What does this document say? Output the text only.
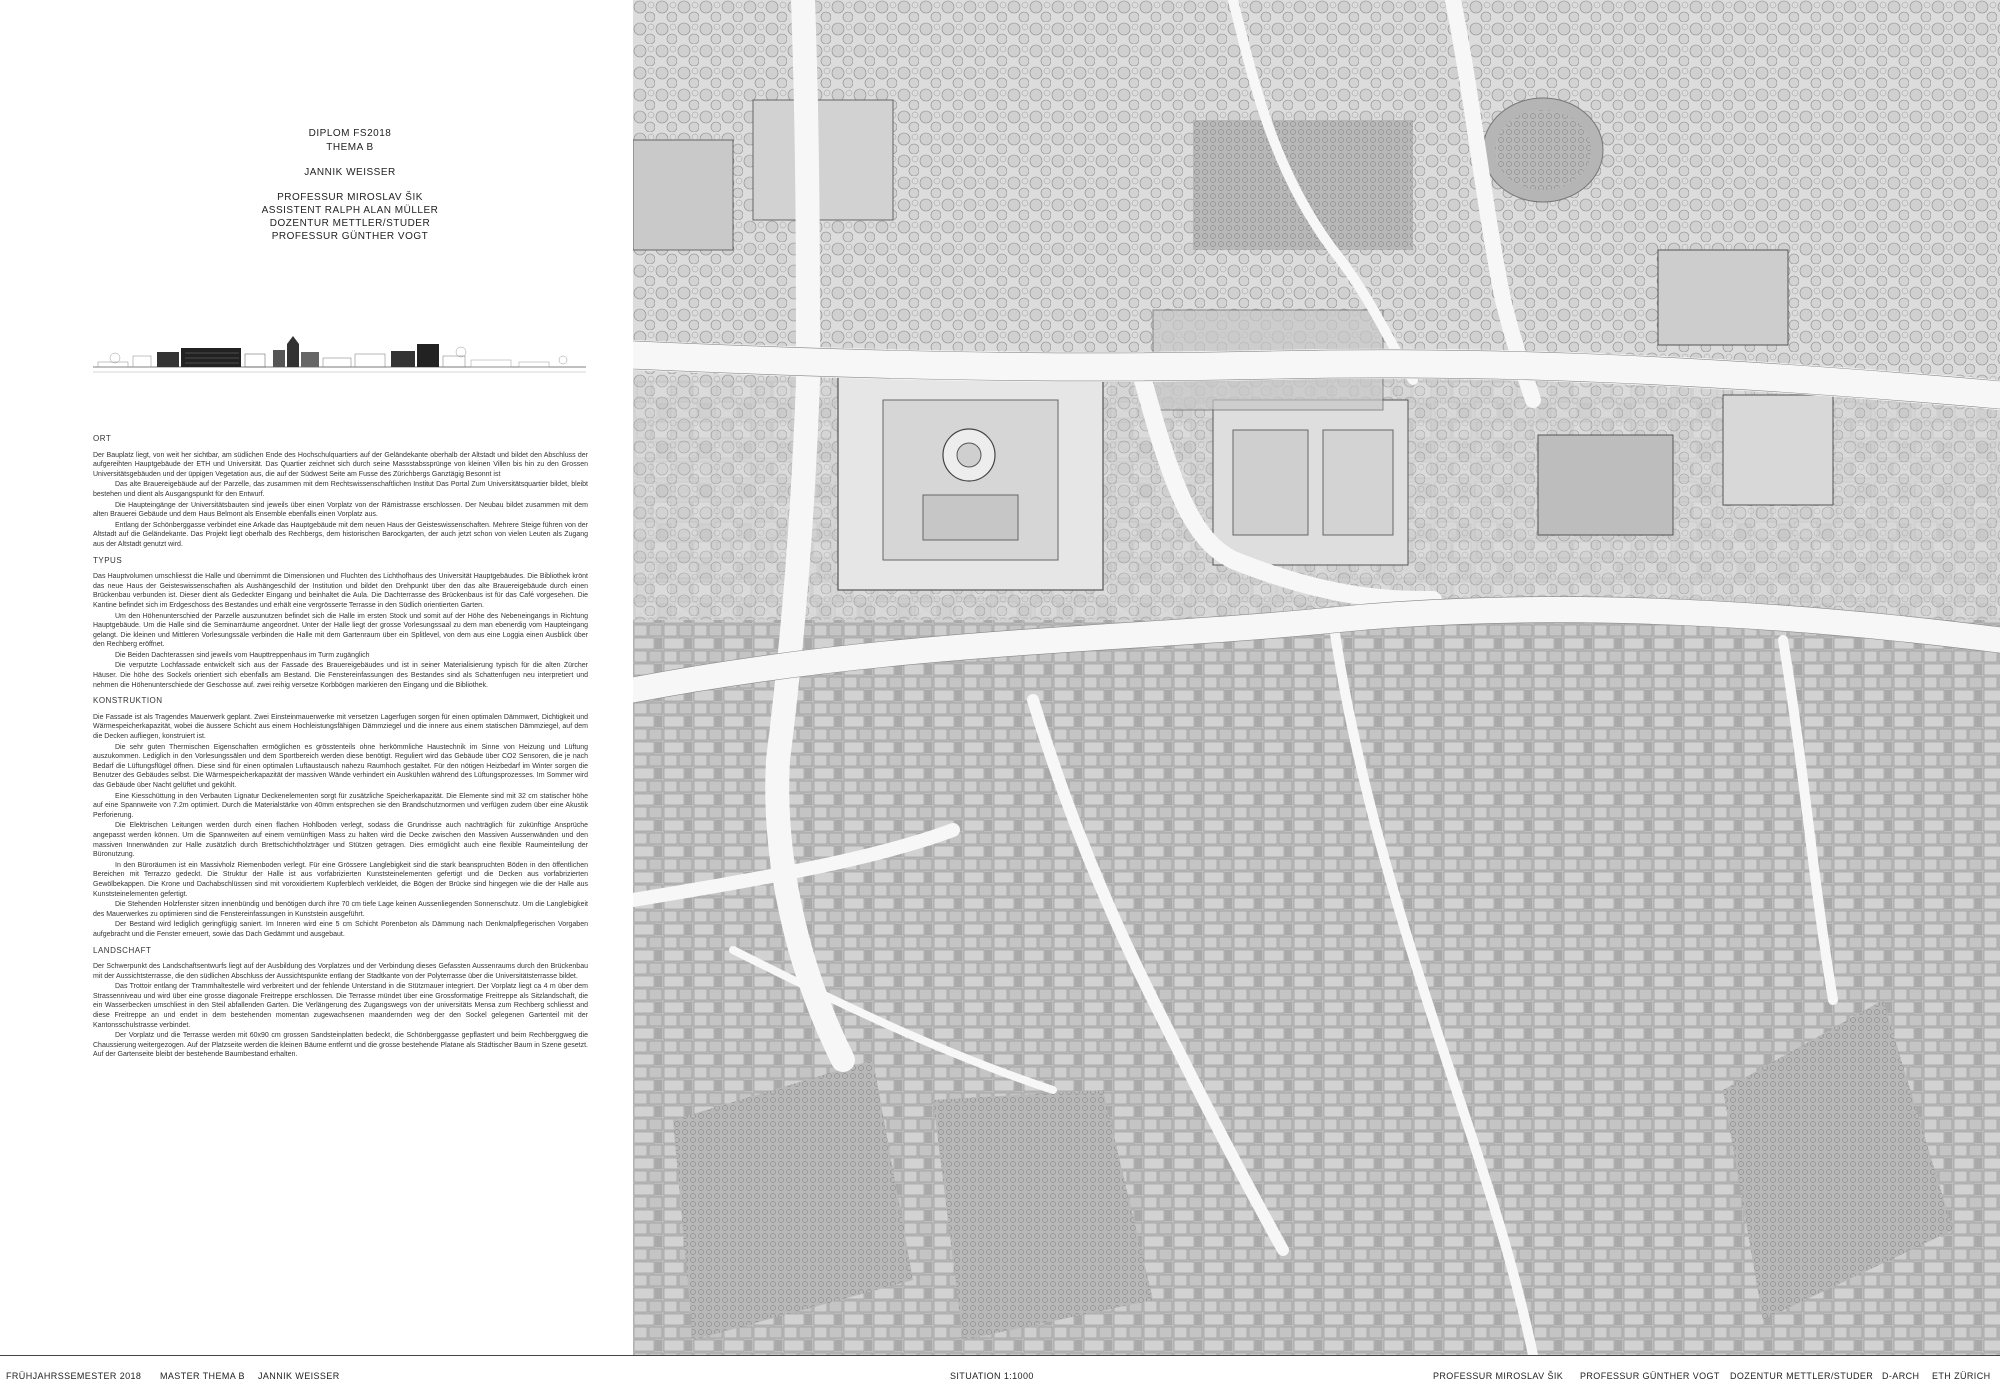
DIPLOM FS2018
THEMA B
JANNIK WEISSER
PROFESSUR MIROSLAV ŠIK
ASSISTENT RALPH ALAN MÜLLER
DOZENTUR METTLER/STUDER
PROFESSUR GÜNTHER VOGT
ORT

Der Bauplatz liegt, von weit her sichtbar, am südlichen Ende des Hochschulquartiers auf der Geländekante oberhalb der Altstadt und bildet den Abschluss der aufgereihten Hauptgebäude der ETH und Universität. Das Quartier zeichnet sich durch seine Massstabssprünge von kleinen Villen bis hin zu den Grossen Universitätsgebäuden und der üppigen Vegetation aus, die auf der Südwest Seite am Fusse des Zürichbergs Ganztägig Besonnt ist

Das alte Brauereigebäude auf der Parzelle, das zusammen mit dem Rechtswissenschaftlichen Institut Das Portal Zum Universitätsquartier bildet, bleibt bestehen und dient als Ausgangspunkt für den Entwurf.

Die Haupteingänge der Universitätsbauten sind jeweils über einen Vorplatz von der Rämistrasse erschlossen. Der Neubau bildet zusammen mit dem alten Brauerei Gebäude und dem Haus Belmont als Ensemble ebenfalls einen Vorplatz aus.

Entlang der Schönberggasse verbindet eine Arkade das Hauptgebäude mit dem neuen Haus der Geisteswissenschaften. Mehrere Steige führen von der Altstadt auf die Geländekante. Das Projekt liegt oberhalb des Rechbergs, dem historischen Barockgarten, der auch jetzt schon von vielen Leuten als Zugang aus der Altstadt genutzt wird.

TYPUS

Das Hauptvolumen umschliesst die Halle und übernimmt die Dimensionen und Fluchten des Lichthofhaus des Universität Hauptgebäudes. Die Bibliothek krönt das neue Haus der Geisteswissenschaften als Aushängeschild der Institution und bildet den Drehpunkt über den das alte Brauereigebäude durch einen Brückenbau verbunden ist. Dieser dient als Gedeckter Eingang und beinhaltet die Aula. Die Dachterrasse des Brückenbaus ist für das Café vorgesehen. Die Kantine befindet sich im Erdgeschoss des Bestandes und erhält eine vergrösserte Terrasse in den Südlich orientierten Garten.

Um den Höhenunterschied der Parzelle auszunutzen befindet sich die Halle im ersten Stock und somit auf der Höhe des Nebeneingangs in Richtung Hauptgebäude. Um die Halle sind die Seminarräume angeordnet. Unter der Halle liegt der grosse Vorlesungssaal zu dem man ebenerdig vom Haupteingang gelangt. Die kleinen und Mittleren Vorlesungssäle verbinden die Halle mit dem Gartenraum über ein Splitlevel, von dem aus eine Loggia einen Ausblick über den Rechberg eröffnet.

Die Beiden Dachterassen sind jeweils vom Haupttreppenhaus im Turm zugänglich

Die verputzte Lochfassade entwickelt sich aus der Fassade des Brauereigebäudes und ist in seiner Materialisierung typisch für die alten Zürcher Häuser. Die höhe des Sockels orientiert sich ebenfalls am Bestand. Die Fenstereinfassungen des Bestandes sind als Schattenfugen neu interpretiert und nehmen die Höhenunterschiede der Geschosse auf. zwei reihig versetze Korbbögen markieren den Eingang und die Bibliothek.

KONSTRUKTION

Die Fassade ist als Tragendes Mauerwerk geplant. Zwei Einsteinmauerwerke mit versetzen Lagerfugen sorgen für einen optimalen Dämmwert, Dichtigkeit und Wärmespeicherkapazität, wobei die äussere Schicht aus einem Hochleistungsfähigen Dämmziegel und die innere aus einem statischen Dämmziegel, auf dem die Decken aufliegen, konstruiert ist.

Die sehr guten Thermischen Eigenschaften ermöglichen es grösstenteils ohne herkömmliche Haustechnik im Sinne von Heizung und Lüftung auszukommen. Lediglich in den Vorlesungssälen und dem Sportbereich werden diese benötigt. Reguliert wird das Gebäude über CO2 Sensoren, die je nach Bedarf die Lüftungsflügel öffnen. Diese sind für einen optimalen Luftaustausch nahezu Raumhoch gestaltet. Für den nötigen Heizbedarf im Winter sorgen die Benutzer des Gebäudes selbst. Die Wärmespeicherkapazität der massiven Wände verhindert ein Auskühlen während des Lüftungsprozesses. Im Sommer wird das Gebäude über Nacht gelüftet und gekühlt.

Eine Kiesschüttung in den Verbauten Lignatur Deckenelementen sorgt für zusätzliche Speicherkapazität. Die Elemente sind mit 32 cm statischer höhe auf eine Spannweite von 7.2m optimiert. Durch die Materialstärke von 40mm entsprechen sie den Brandschutznormen und verfügen zudem über eine Akustik Perforierung.

Die Elektrischen Leitungen werden durch einen flachen Hohlboden verlegt, sodass die Grundrisse auch nachträglich für zukünftige Ansprüche angepasst werden können. Um die Spannweiten auf einem vernünftigen Mass zu halten wird die Decke zwischen den Massiven Aussenwänden und den massiven Innenwänden zur Halle zusätzlich durch Brettschichtholzträger und Stützen getragen. Dies ermöglicht auch eine flexible Raumeinteilung der Büronutzung.

In den Büroräumen ist ein Massivholz Riemenboden verlegt. Für eine Grössere Langlebigkeit sind die stark beanspruchten Böden in den öffentlichen Bereichen mit Terrazzo gedeckt. Die Struktur der Halle ist aus vorfabrizierten Kunststeinelementen gefertigt und die Decken aus vorfabrizierten Gewölbekappen. Die Krone und Dachabschlüssen sind mit voroxidiertem Kupferblech verkleidet, die Bögen der Brücke sind hingegen wie die der Halle aus Kunststeinelementen gefertigt.

Die Stehenden Holzfenster sitzen innenbündig und benötigen durch ihre 70 cm tiefe Lage keinen Aussenliegenden Sonnenschutz. Um die Langlebigkeit des Mauerwerkes zu optimieren sind die Fenstereinfassungen in Kunststein ausgeführt.

Der Bestand wird lediglich geringfügig saniert. Im Inneren wird eine 5 cm Schicht Porenbeton als Dämmung nach Denkmalpflegerischen Vorgaben aufgebracht und die Fenster erneuert, sowie das Dach Gedämmt und ausgebaut.

LANDSCHAFT

Der Schwerpunkt des Landschaftsentwurfs liegt auf der Ausbildung des Vorplatzes und der Verbindung dieses Gefassten Aussenraums durch den Brückenbau mit der Aussichtsterrasse, die den südlichen Abschluss der Aussichtspunkte entlang der Stadtkante von der Polyterrasse über die Universitätsterrasse bildet.

Das Trottoir entlang der Trammhaltestelle wird verbreitert und der fehlende Unterstand in die Stützmauer integriert. Der Vorplatz liegt ca 4 m über dem Strassenniveau und wird über eine grosse diagonale Freitreppe erschlossen. Die Terrasse mündet über eine Grossformatige Freitreppe als Sitzlandschaft, die ein Wasserbecken umschliest in den Steil abfallenden Garten. Die Verlängerung des Zugangswegs von der universitäts Mensa zum Rechberg schliesst and diese Freitreppe an und endet in dem bestehenden momentan zugewachsenen maandernden weg der den Sockel gelegenen Gartenteil mit der Kantonsschulstrasse verbindet.

Der Vorplatz und die Terrasse werden mit 60x90 cm grossen Sandsteinplatten bedeckt, die Schönberggasse gepflastert und beim Rechberggweg die Chaussierung weitergezogen. Auf der Platzseite werden die kleinen Bäume entfernt und die grosse bestehende Platane als Städtischer Baum in Szene gesetzt. Auf der Gartenseite bleibt der bestehende Baumbestand erhalten.

FRÜHJAHRSSEMESTER 2018 MASTER THEMA B JANNIK WEISSER	SITUATION 1:1000	PROFESSUR MIROSLAV ŠIK PROFESSUR GÜNTHER VOGT DOZENTUR METTLER/STUDER D-ARCH ETH ZÜRICH
